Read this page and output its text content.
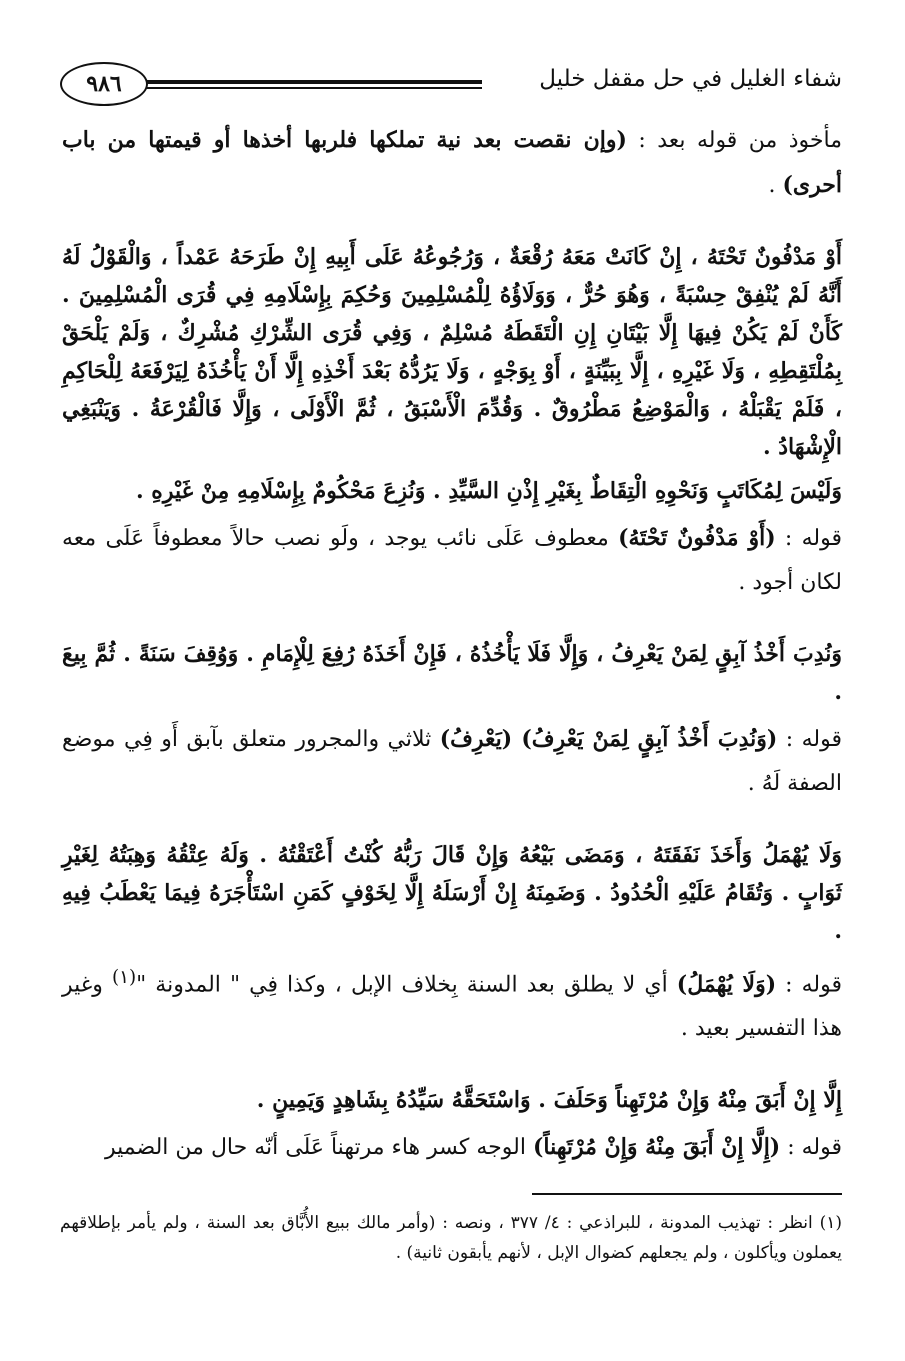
٩٨٦	شفاء الغليل في حل مقفل خليل

مأخوذ من قوله بعد : (وإن نقصت بعد نية تملكها فلربها أخذها أو قيمتها من باب أحرى) .

أَوْ مَدْفُونٌ تَحْتَهُ ، إِنْ كَانَتْ مَعَهُ رُقْعَةٌ ، وَرُجُوعُهُ عَلَى أَبِيهِ إِنْ طَرَحَهُ عَمْداً ، وَالْقَوْلُ لَهُ أَنَّهُ لَمْ يُنْفِقْ حِسْبَةً ، وَهُوَ حُرٌّ ، وَوَلَاؤُهُ لِلْمُسْلِمِينَ وَحُكِمَ بِإِسْلَامِهِ فِي قُرَى الْمُسْلِمِينَ . كَأَنْ لَمْ يَكُنْ فِيهَا إِلَّا بَيْتَانِ إِنِ الْتَقَطَهُ مُسْلِمٌ ، وَفِي قُرَى الشِّرْكِ مُشْرِكٌ ، وَلَمْ يَلْحَقْ بِمُلْتَقِطِهِ ، وَلَا غَيْرِهِ ، إِلَّا بِبَيِّنَةٍ ، أَوْ بِوَجْهٍ ، وَلَا يَرُدُّهُ بَعْدَ أَخْذِهِ إِلَّا أَنْ يَأْخُذَهُ لِيَرْفَعَهُ لِلْحَاكِمِ ، فَلَمْ يَقْبَلْهُ ، وَالْمَوْضِعُ مَطْرُوقٌ . وَقُدِّمَ الْأَسْبَقُ ، ثُمَّ الْأَوْلَى ، وَإِلَّا فَالْقُرْعَةُ . وَيَنْبَغِي الْإِشْهَادُ .

وَلَيْسَ لِمُكَاتَبٍ وَنَحْوِهِ الْتِقَاطٌ بِغَيْرِ إِذْنِ السَّيِّدِ . وَنُزِعَ مَحْكُومٌ بِإِسْلَامِهِ مِنْ غَيْرِهِ .

قوله : (أَوْ مَدْفُونٌ تَحْتَهُ) معطوف عَلَى نائب يوجد ، ولَو نصب حالاً معطوفاً عَلَى معه لكان أجود .

وَنُدِبَ أَخْذُ آبِقٍ لِمَنْ يَعْرِفُ ، وَإِلَّا فَلَا يَأْخُذُهُ ، فَإِنْ أَخَذَهُ رُفِعَ لِلْإِمَامِ . وَوُقِفَ سَنَةً . ثُمَّ بِيعَ .

قوله : (وَنُدِبَ أَخْذُ آبِقٍ لِمَنْ يَعْرِفُ) (يَعْرِفُ) ثلاثي والمجرور متعلق بآبق أَو فِي موضع الصفة لَهُ .

وَلَا يُهْمَلُ وَأَخَذَ نَفَقَتَهُ ، وَمَضَى بَيْعُهُ وَإِنْ قَالَ رَبُّهُ كُنْتُ أَعْتَقْتُهُ . وَلَهُ عِتْقُهُ وَهِبَتُهُ لِغَيْرِ ثَوَابٍ . وَتُقَامُ عَلَيْهِ الْحُدُودُ . وَضَمِنَهُ إِنْ أَرْسَلَهُ إِلَّا لِخَوْفٍ كَمَنِ اسْتَأْجَرَهُ فِيمَا يَعْطَبُ فِيهِ .

قوله : (وَلَا يُهْمَلُ) أي لا يطلق بعد السنة بِخلاف الإبل ، وكذا فِي " المدونة "$^{(١)}$ وغير هذا التفسير بعيد .

إِلَّا إِنْ أَبَقَ مِنْهُ وَإِنْ مُرْتَهِناً وَحَلَفَ . وَاسْتَحَقَّهُ سَيِّدُهُ بِشَاهِدٍ وَيَمِينٍ .

قوله : (إِلَّا إِنْ أَبَقَ مِنْهُ وَإِنْ مُرْتَهِناً) الوجه كسر هاء مرتهناً عَلَى أنّه حال من الضمير

(١) انظر : تهذيب المدونة ، للبراذعي : ٤/ ٣٧٧ ، ونصه : (وأمر مالك ببيع الأُبَّاق بعد السنة ، ولم يأمر بإطلاقهم يعملون ويأكلون ، ولم يجعلهم كضوال الإبل ، لأنهم يأبقون ثانية) .
